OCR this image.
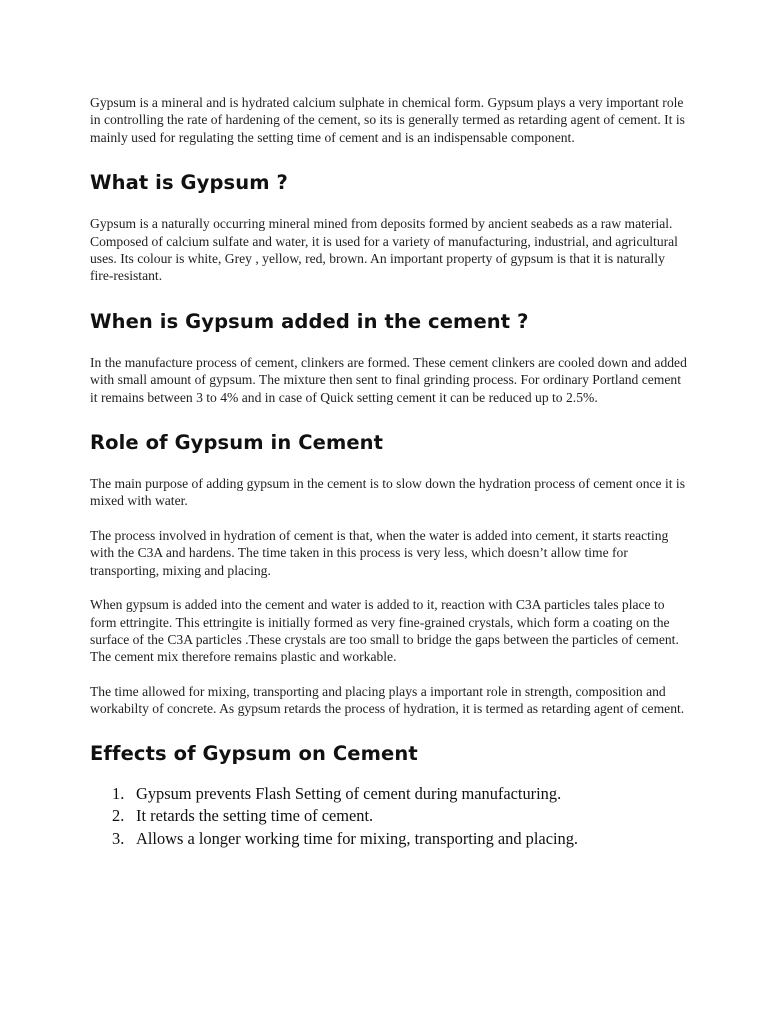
Gypsum is a mineral and is hydrated calcium sulphate in chemical form. Gypsum plays a very important role in controlling the rate of hardening of the cement, so its is generally termed as retarding agent of cement. It is mainly used for regulating the setting time of cement and is an indispensable component.

What is Gypsum ?

Gypsum is a naturally occurring mineral mined from deposits formed by ancient seabeds as a raw material. Composed of calcium sulfate and water, it is used for a variety of manufacturing, industrial, and agricultural uses. Its colour is white, Grey , yellow, red, brown. An important property of gypsum is that it is naturally fire-resistant.

When is Gypsum added in the cement ?

In the manufacture process of cement, clinkers are formed. These cement clinkers are cooled down and added with small amount of gypsum. The mixture then sent to final grinding process. For ordinary Portland cement it remains between 3 to 4% and in case of Quick setting cement it can be reduced up to 2.5%.

Role of Gypsum in Cement

The main purpose of adding gypsum in the cement is to slow down the hydration process of cement once it is mixed with water.

The process involved in hydration of cement is that, when the water is added into cement, it starts reacting with the C3A and hardens. The time taken in this process is very less, which doesn’t allow time for transporting, mixing and placing.

When gypsum is added into the cement and water is added to it, reaction with C3A particles tales place to form ettringite. This ettringite is initially formed as very fine-grained crystals, which form a coating on the surface of the C3A particles .These crystals are too small to bridge the gaps between the particles of cement. The cement mix therefore remains plastic and workable.

The time allowed for mixing, transporting and placing plays a important role in strength, composition and workabilty of concrete. As gypsum retards the process of hydration, it is termed as retarding agent of cement.

Effects of Gypsum on Cement
1. Gypsum prevents Flash Setting of cement during manufacturing.
2. It retards the setting time of cement.
3. Allows a longer working time for mixing, transporting and placing.
